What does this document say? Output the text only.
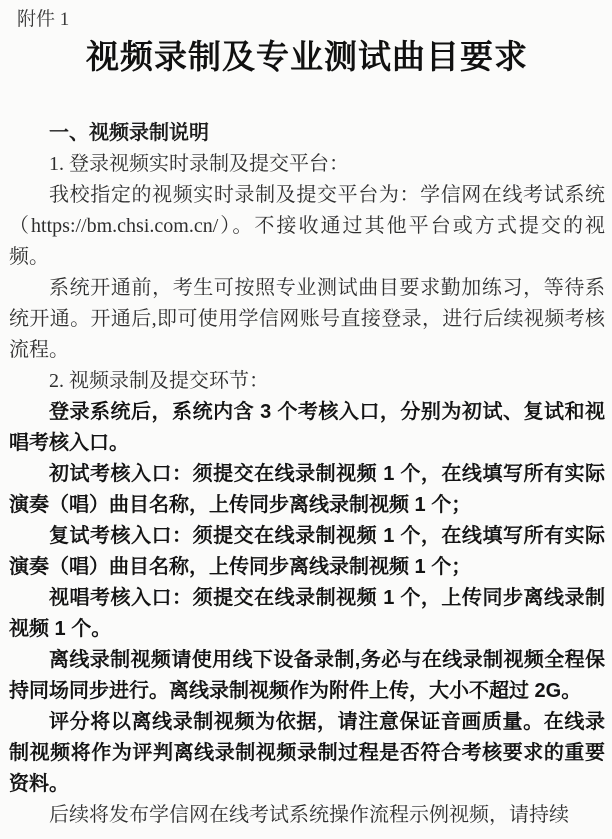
附件 1
视频录制及专业测试曲目要求
一、视频录制说明

1. 登录视频实时录制及提交平台：

我校指定的视频实时录制及提交平台为：学信网在线考试系统（https://bm.chsi.com.cn/）。不接收通过其他平台或方式提交的视频。

系统开通前，考生可按照专业测试曲目要求勤加练习，等待系统开通。开通后,即可使用学信网账号直接登录，进行后续视频考核流程。

2. 视频录制及提交环节：

登录系统后，系统内含 3 个考核入口，分别为初试、复试和视唱考核入口。

初试考核入口：须提交在线录制视频 1 个，在线填写所有实际演奏（唱）曲目名称，上传同步离线录制视频 1 个；

复试考核入口：须提交在线录制视频 1 个，在线填写所有实际演奏（唱）曲目名称，上传同步离线录制视频 1 个；

视唱考核入口：须提交在线录制视频 1 个，上传同步离线录制视频 1 个。

离线录制视频请使用线下设备录制,务必与在线录制视频全程保持同场同步进行。离线录制视频作为附件上传，大小不超过 2G。

评分将以离线录制视频为依据，请注意保证音画质量。在线录制视频将作为评判离线录制视频录制过程是否符合考核要求的重要资料。

后续将发布学信网在线考试系统操作流程示例视频，请持续
